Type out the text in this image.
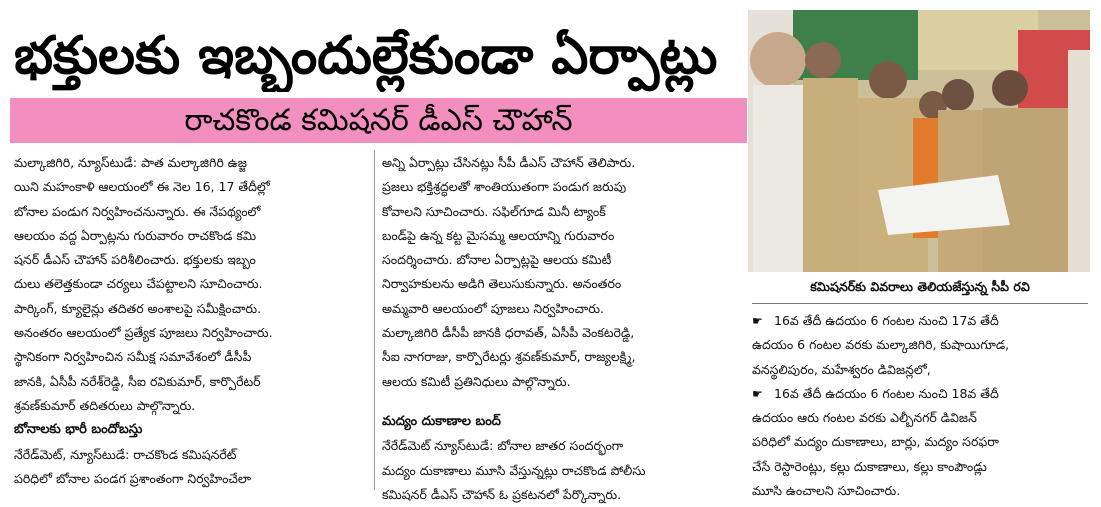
భక్తులకు ఇబ్బందుల్లేకుండా ఏర్పాట్లు
రాచకొండ కమిషనర్ డీఎస్ చౌహాన్
మల్కాజిగిరి, న్యూస్‌టుడే: పాత మల్కాజిగిరి ఉజ్జ
యిని మహంకాళి ఆలయంలో ఈ నెల 16, 17 తేదీల్లో
బోనాల పండుగ నిర్వహించనున్నారు. ఈ నేపథ్యంలో
ఆలయం వద్ద ఏర్పాట్లను గురువారం రాచకొండ కమి
షనర్ డీఎస్ చౌహాన్ పరిశీలించారు. భక్తులకు ఇబ్బం
దులు తలెత్తకుండా చర్యలు చేపట్టాలని సూచించారు.
పార్కింగ్, క్యూలైన్లు తదితర అంశాలపై సమీక్షించారు.
అనంతరం ఆలయంలో ప్రత్యేక పూజలు నిర్వహించారు.
స్థానికంగా నిర్వహించిన సమీక్ష సమావేశంలో డీసీపీ
జానకి, ఏసీపీ నరేశ్‌రెడ్డి, సీఐ రవికుమార్, కార్పొరేటర్
శ్రవణ్‌కుమార్ తదితరులు పాల్గొన్నారు.
బోనాలకు భారీ బందోబస్తు
నేరేడ్‌మెట్, న్యూస్‌టుడే: రాచకొండ కమిషనరేట్
పరిధిలో బోనాల పండగ ప్రశాంతంగా నిర్వహించేలా
అన్ని ఏర్పాట్లు చేసినట్లు సీపీ డీఎస్ చౌహాన్ తెలిపారు.
ప్రజలు భక్తిశ్రద్ధలతో శాంతియుతంగా పండుగ జరుపు
కోవాలని సూచించారు. సఫిల్‌గూడ మినీ ట్యాంక్
బండ్‌పై ఉన్న కట్ట మైసమ్మ ఆలయాన్ని గురువారం
సందర్శించారు. బోనాల ఏర్పాట్లపై ఆలయ కమిటీ
నిర్వాహకులను అడిగి తెలుసుకున్నారు. అనంతరం
అమ్మవారి ఆలయంలో పూజలు నిర్వహించారు.
మల్కాజిగిరి డీసీపీ జానకి ధరావత్, ఏసీపీ వెంకటరెడ్డి,
సీఐ నాగరాజు, కార్పొరేటర్లు శ్రవణ్‌కుమార్, రాజ్యలక్ష్మి,
ఆలయ కమిటీ ప్రతినిధులు పాల్గొన్నారు.
మద్యం దుకాణాల బంద్
నేరేడ్‌మెట్ న్యూస్‌టుడే: బోనాల జాతర సందర్భంగా
మద్యం దుకాణాలు మూసి వేస్తున్నట్లు రాచకొండ పోలీసు
కమిషనర్ డీఎస్ చౌహాన్ ఓ ప్రకటనలో పేర్కొన్నారు.
కమిషనర్‌కు వివరాలు తెలియజేస్తున్న సీపీ రవి
☛ 16వ తేదీ ఉదయం 6 గంటల నుంచి 17వ తేదీ
ఉదయం 6 గంటల వరకు మల్కాజిగిరి, కుషాయిగూడ,
వనస్థలిపురం, మహేశ్వరం డివిజన్లలో,
☛ 16వ తేదీ ఉదయం 6 గంటల నుంచి 18వ తేదీ
ఉదయం ఆరు గంటల వరకు ఎల్బీనగర్ డివిజన్
పరిధిలో మద్యం దుకాణాలు, బార్లు, మద్యం సరఫరా
చేసే రెస్టారెంట్లు, కల్లు దుకాణాలు, కల్లు కాంపౌండ్లు
మూసి ఉంచాలని సూచించారు.
